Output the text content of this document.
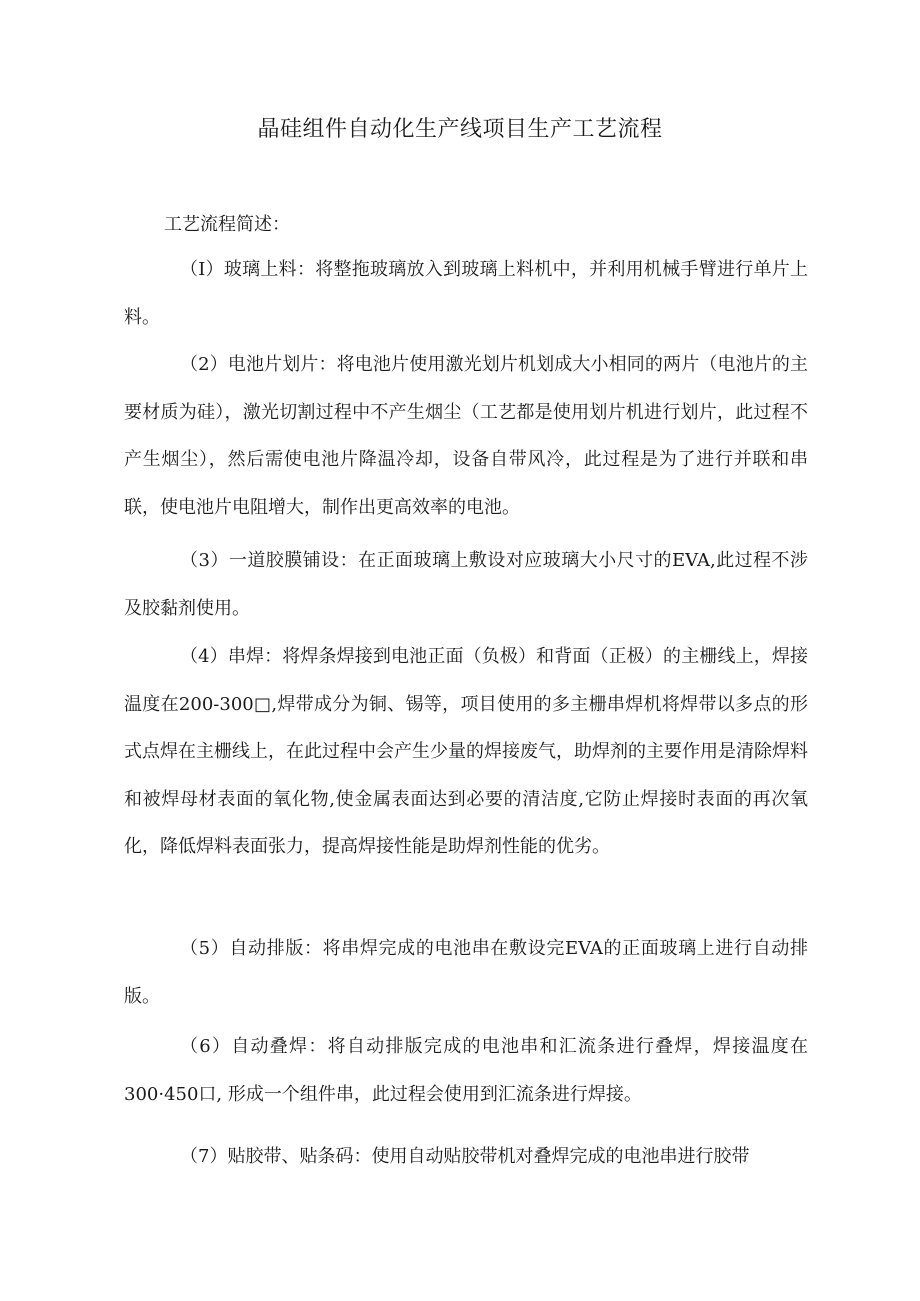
晶硅组件自动化生产线项目生产工艺流程

工艺流程简述：

（I）玻璃上料：将整拖玻璃放入到玻璃上料机中，并利用机械手臂进行单片上料。

（2）电池片划片：将电池片使用激光划片机划成大小相同的两片（电池片的主要材质为硅），激光切割过程中不产生烟尘（工艺都是使用划片机进行划片，此过程不产生烟尘），然后需使电池片降温冷却，设备自带风冷，此过程是为了进行并联和串联，使电池片电阻增大，制作出更高效率的电池。

（3）一道胶膜铺设：在正面玻璃上敷设对应玻璃大小尺寸的EVA,此过程不涉及胶黏剂使用。

（4）串焊：将焊条焊接到电池正面（负极）和背面（正极）的主栅线上，焊接温度在200-300□,焊带成分为铜、锡等，项目使用的多主栅串焊机将焊带以多点的形式点焊在主栅线上，在此过程中会产生少量的焊接废气，助焊剂的主要作用是清除焊料和被焊母材表面的氧化物,使金属表面达到必要的清洁度,它防止焊接时表面的再次氧化，降低焊料表面张力，提高焊接性能是助焊剂性能的优劣。

（5）自动排版：将串焊完成的电池串在敷设完EVA的正面玻璃上进行自动排版。

（6）自动叠焊：将自动排版完成的电池串和汇流条进行叠焊，焊接温度在300·450口, 形成一个组件串，此过程会使用到汇流条进行焊接。

（7）贴胶带、贴条码：使用自动贴胶带机对叠焊完成的电池串进行胶带
